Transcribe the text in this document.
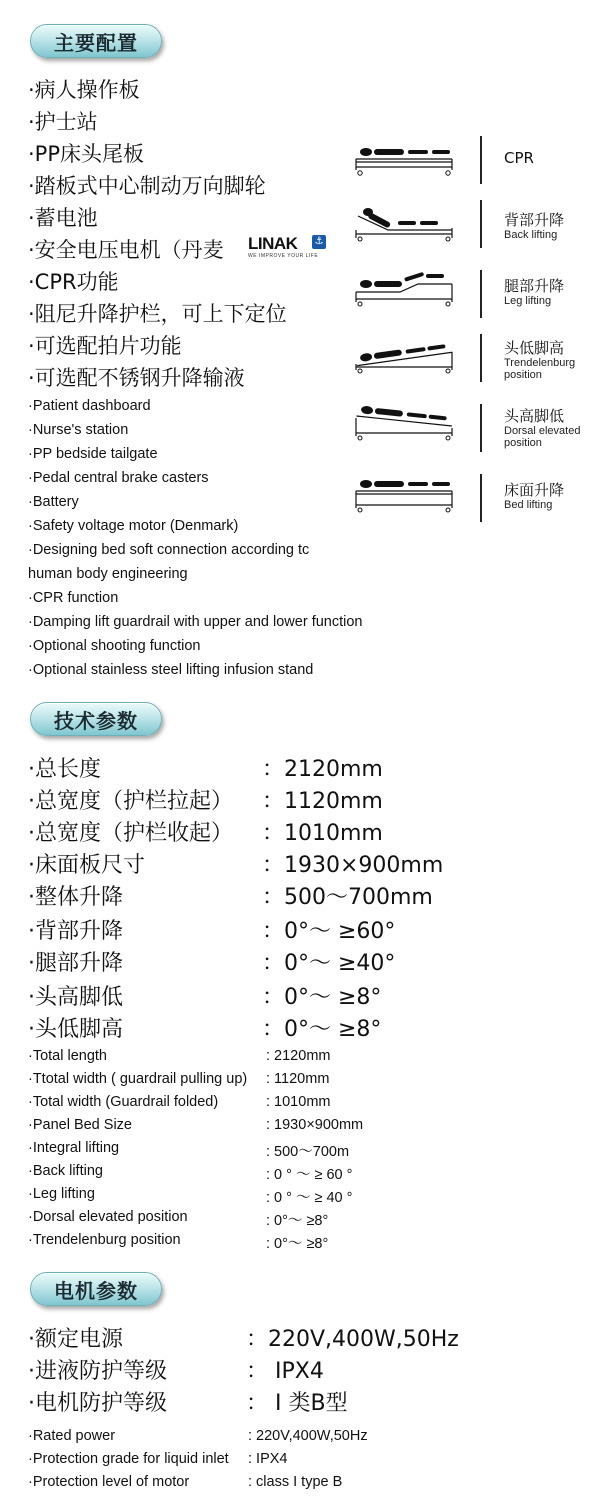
主要配置
·病人操作板
·护士站
·PP床头尾板
·踏板式中心制动万向脚轮
·蓄电池
·安全电压电机（丹麦 LINAK ⚓
WE IMPROVE YOUR LIFE
·CPR功能
·阻尼升降护栏，可上下定位
·可选配拍片功能
·可选配不锈钢升降输液
CPR
背部升降
Back lifting
腿部升降
Leg lifting
头低脚高
Trendelenburg position
头高脚低
Dorsal elevated position
床面升降
Bed lifting
·Patient dashboard
·Nurse's station
·PP bedside tailgate
·Pedal central brake casters
·Battery
·Safety voltage motor (Denmark)
·Designing bed soft connection according tc
human body engineering
·CPR function
·Damping lift guardrail with upper and lower function
·Optional shooting function
·Optional stainless steel lifting infusion stand
技术参数
·总长度	：2120mm
·总宽度（护栏拉起） ：1120mm
·总宽度（护栏收起） ：1010mm
·床面板尺寸	：1930×900mm
·整体升降	：500～700mm
·背部升降	：0°～ ≥60°
·腿部升降	：0°～ ≥40°
·头高脚低	：0°～ ≥8°
·头低脚高	：0°～ ≥8°
·Total length	: 2120mm
·Ttotal width ( guardrail pulling up) : 1120mm
·Total width (Guardrail folded)	: 1010mm
·Panel Bed Size	: 1930×900mm
·Integral lifting	: 500～700m
·Back lifting	: 0 ° ～ ≥ 60 °
·Leg lifting	: 0 ° ～ ≥ 40 °
·Dorsal elevated position	: 0°～ ≥8°
·Trendelenburg position	: 0°～ ≥8°
电机参数
·额定电源	：220V,400W,50Hz
·进液防护等级	： IPX4
·电机防护等级	： I 类B型
·Rated power	: 220V,400W,50Hz
·Protection grade for liquid inlet : IPX4
·Protection level of motor	: class I type B
